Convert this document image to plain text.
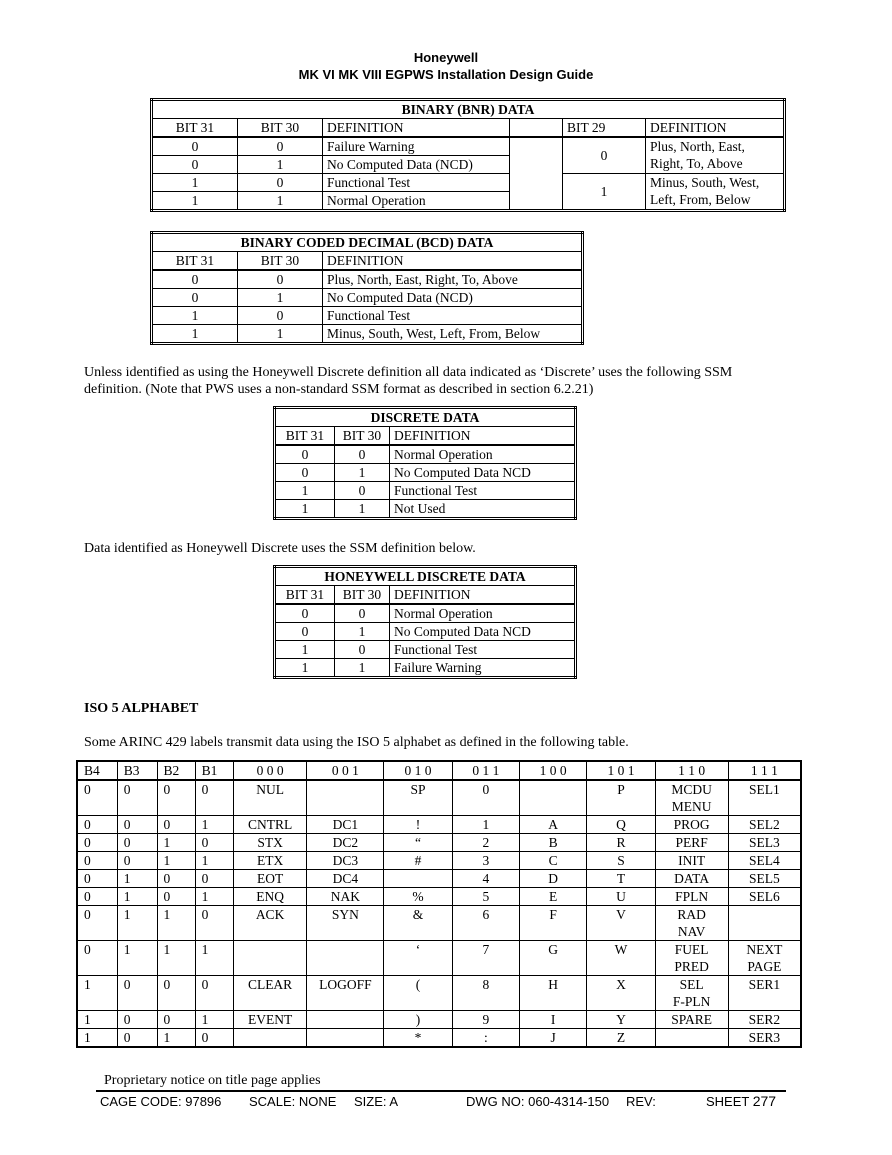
Honeywell
MK VI MK VIII EGPWS Installation Design Guide
BINARY (BNR) DATA					
BIT 31	BIT 30	DEFINITION		BIT 29	DEFINITION
0	0	Failure Warning		0	Plus, North, East,
Right, To, Above
0	1	No Computed Data (NCD)			
1	0	Functional Test		1	Minus, South, West,
Left, From, Below
1	1	Normal Operation			
BINARY CODED DECIMAL (BCD) DATA		
BIT 31	BIT 30	DEFINITION
0	0	Plus, North, East, Right, To, Above
0	1	No Computed Data (NCD)
1	0	Functional Test
1	1	Minus, South, West, Left, From, Below
Unless identified as using the Honeywell Discrete definition all data indicated as ‘Discrete’ uses the following SSM
definition. (Note that PWS uses a non-standard SSM format as described in section 6.2.21)
DISCRETE DATA		
BIT 31	BIT 30	DEFINITION
0	0	Normal Operation
0	1	No Computed Data NCD
1	0	Functional Test
1	1	Not Used
Data identified as Honeywell Discrete uses the SSM definition below.
HONEYWELL DISCRETE DATA		
BIT 31	BIT 30	DEFINITION
0	0	Normal Operation
0	1	No Computed Data NCD
1	0	Functional Test
1	1	Failure Warning
ISO 5 ALPHABET
Some ARINC 429 labels transmit data using the ISO 5 alphabet as defined in the following table.
B4	B3	B2	B1	0 0 0	0 0 1	0 1 0	0 1 1	1 0 0	1 0 1	1 1 0	1 1 1
0	0	0	0	NUL		SP	0		P	MCDU
MENU	SEL1
0	0	0	1	CNTRL	DC1	!	1	A	Q	PROG	SEL2
0	0	1	0	STX	DC2	“	2	B	R	PERF	SEL3
0	0	1	1	ETX	DC3	#	3	C	S	INIT	SEL4
0	1	0	0	EOT	DC4		4	D	T	DATA	SEL5
0	1	0	1	ENQ	NAK	%	5	E	U	FPLN	SEL6
0	1	1	0	ACK	SYN	&	6	F	V	RAD
NAV	
0	1	1	1			‘	7	G	W	FUEL
PRED	NEXT
PAGE
1	0	0	0	CLEAR	LOGOFF	(	8	H	X	SEL
F-PLN	SER1
1	0	0	1	EVENT		)	9	I	Y	SPARE	SER2
1	0	1	0			*	:	J	Z		SER3
Proprietary notice on title page applies
CAGE CODE: 97896 SCALE: NONE SIZE: A	DWG NO: 060-4314-150 REV:	SHEET 277
